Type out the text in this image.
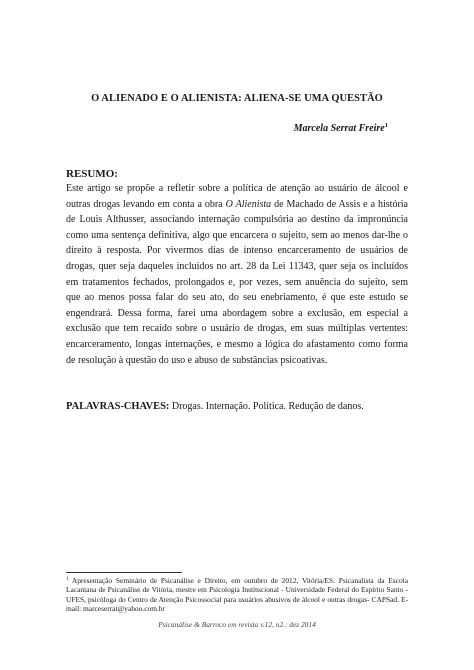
O ALIENADO E O ALIENISTA: ALIENA-SE UMA QUESTÃO
Marcela Serrat Freire$^1$
RESUMO:

Este artigo se propõe a refletir sobre a política de atenção ao usuário de álcool e outras drogas levando em conta a obra O Alienista de Machado de Assis e a história de Louis Althusser, associando internação compulsória ao destino da impronúncia como uma sentença definitiva, algo que encarcera o sujeito, sem ao menos dar-lhe o direito à resposta. Por vivermos dias de intenso encarceramento de usuários de drogas, quer seja daqueles incluídos no art. 28 da Lei 11343, quer seja os incluídos em tratamentos fechados, prolongados e, por vezes, sem anuência do sujeito, sem que ao menos possa falar do seu ato, do seu enebriamento, é que este estudo se engendrará. Dessa forma, farei uma abordagem sobre a exclusão, em especial a exclusão que tem recaído sobre o usuário de drogas, em suas múltiplas vertentes: encarceramento, longas internações, e mesmo a lógica do afastamento como forma de resolução à questão do uso e abuso de substâncias psicoativas.

PALAVRAS-CHAVES: Drogas. Internação. Política. Redução de danos.

$^1$ Apresentação Seminário de Psicanálise e Direito, em outubro de 2012, Vitória/ES. Psicanalista da Escola Lacaniana de Psicanálise de Vitória, mestre em Psicologia Institucional - Universidade Federal do Espírito Santo - UFES, psicóloga do Centro de Atenção Psicossocial para usuários abusivos de álcool e outras drogas- CAPSad. E-mail: marceserrat@yahoo.com.br

Psicanálise & Barroco em revista v.12, n2.: dez 2014
